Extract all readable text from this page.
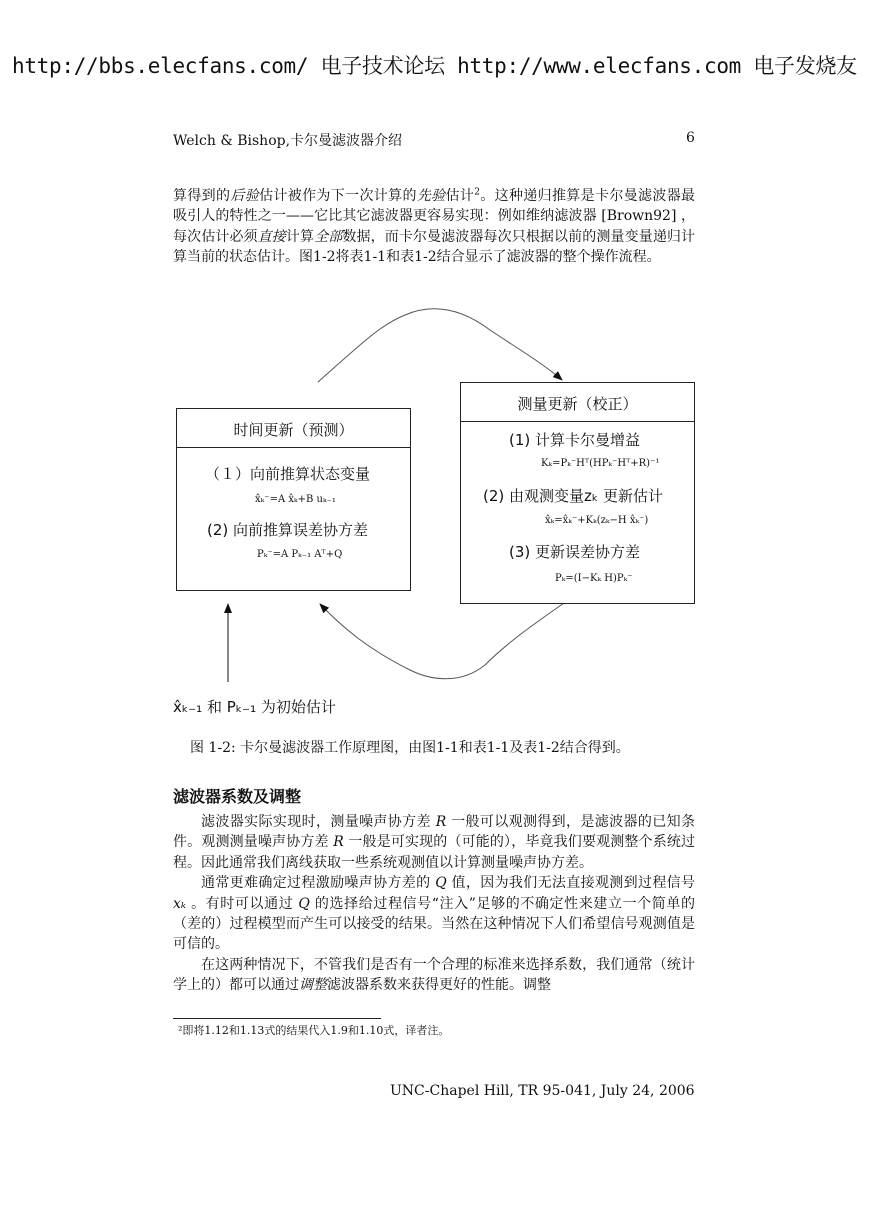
http://bbs.elecfans.com/ 电子技术论坛 http://www.elecfans.com 电子发烧友
Welch & Bishop,卡尔曼滤波器介绍	6

算得到的后验估计被作为下一次计算的先验估计$^2$。这种递归推算是卡尔曼滤波器最吸引人的特性之一——它比其它滤波器更容易实现：例如维纳滤波器 [Brown92] ，每次估计必须直接计算全部数据，而卡尔曼滤波器每次只根据以前的测量变量递归计算当前的状态估计。图1-2将表1-1和表1-2结合显示了滤波器的整个操作流程。

时间更新（预测）
（１）向前推算状态变量
x̂ₖ⁻=A x̂ₖ+B uₖ₋₁
(2) 向前推算误差协方差
Pₖ⁻=A Pₖ₋₁ Aᵀ+Q
测量更新（校正）
(1) 计算卡尔曼增益
Kₖ=Pₖ⁻Hᵀ(HPₖ⁻Hᵀ+R)⁻¹
(2) 由观测变量zₖ 更新估计
x̂ₖ=x̂ₖ⁻+Kₖ(zₖ−H x̂ₖ⁻)
(3) 更新误差协方差
Pₖ=(I−Kₖ H)Pₖ⁻
x̂ₖ₋₁ 和 Pₖ₋₁ 为初始估计
图 1-2: 卡尔曼滤波器工作原理图，由图1-1和表1-1及表1-2结合得到。
滤波器系数及调整

滤波器实际实现时，测量噪声协方差 R 一般可以观测得到，是滤波器的已知条件。观测测量噪声协方差 R 一般是可实现的（可能的），毕竟我们要观测整个系统过程。因此通常我们离线获取一些系统观测值以计算测量噪声协方差。

通常更难确定过程激励噪声协方差的 Q 值，因为我们无法直接观测到过程信号 xₖ 。有时可以通过 Q 的选择给过程信号“注入”足够的不确定性来建立一个简单的（差的）过程模型而产生可以接受的结果。当然在这种情况下人们希望信号观测值是可信的。

在这两种情况下，不管我们是否有一个合理的标准来选择系数，我们通常（统计学上的）都可以通过调整滤波器系数来获得更好的性能。调整

²即将1.12和1.13式的结果代入1.9和1.10式，译者注。
UNC-Chapel Hill, TR 95-041, July 24, 2006
